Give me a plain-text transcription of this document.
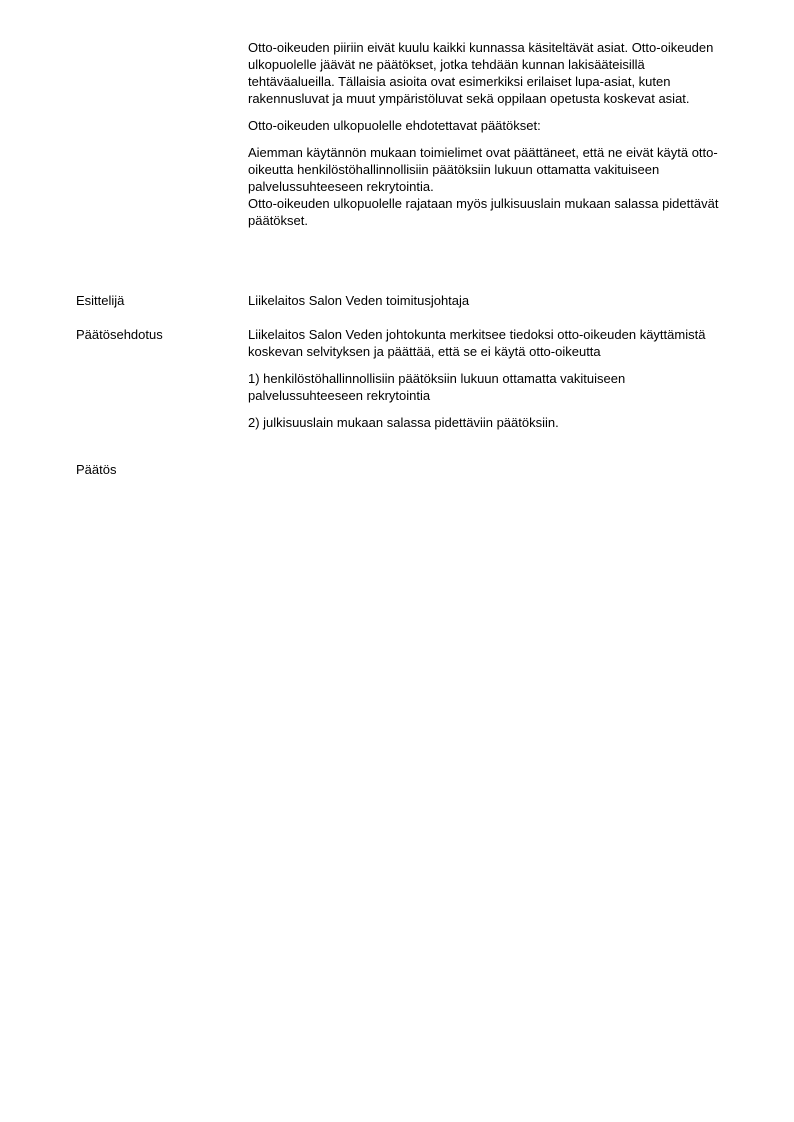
Otto-oikeuden piiriin eivät kuulu kaikki kunnassa käsiteltävät asiat. Otto-oikeuden ulkopuolelle jäävät ne päätökset, jotka tehdään kunnan lakisääteisillä tehtäväalueilla. Tällaisia asioita ovat esimerkiksi erilaiset lupa-asiat, kuten rakennusluvat ja muut ympäristöluvat sekä oppilaan opetusta koskevat asiat.

Otto-oikeuden ulkopuolelle ehdotettavat päätökset:

Aiemman käytännön mukaan toimielimet ovat päättäneet, että ne eivät käytä otto-oikeutta henkilöstöhallinnollisiin päätöksiin lukuun ottamatta vakituiseen palvelussuhteeseen rekrytointia.

Otto-oikeuden ulkopuolelle rajataan myös julkisuuslain mukaan salassa pidettävät päätökset.

Esittelijä	Liikelaitos Salon Veden toimitusjohtaja

Päätösehdotus	Liikelaitos Salon Veden johtokunta merkitsee tiedoksi otto-oikeuden käyttämistä koskevan selvityksen ja päättää, että se ei käytä otto-oikeutta

1) henkilöstöhallinnollisiin päätöksiin lukuun ottamatta vakituiseen palvelussuhteeseen rekrytointia

2) julkisuuslain mukaan salassa pidettäviin päätöksiin.

Päätös
